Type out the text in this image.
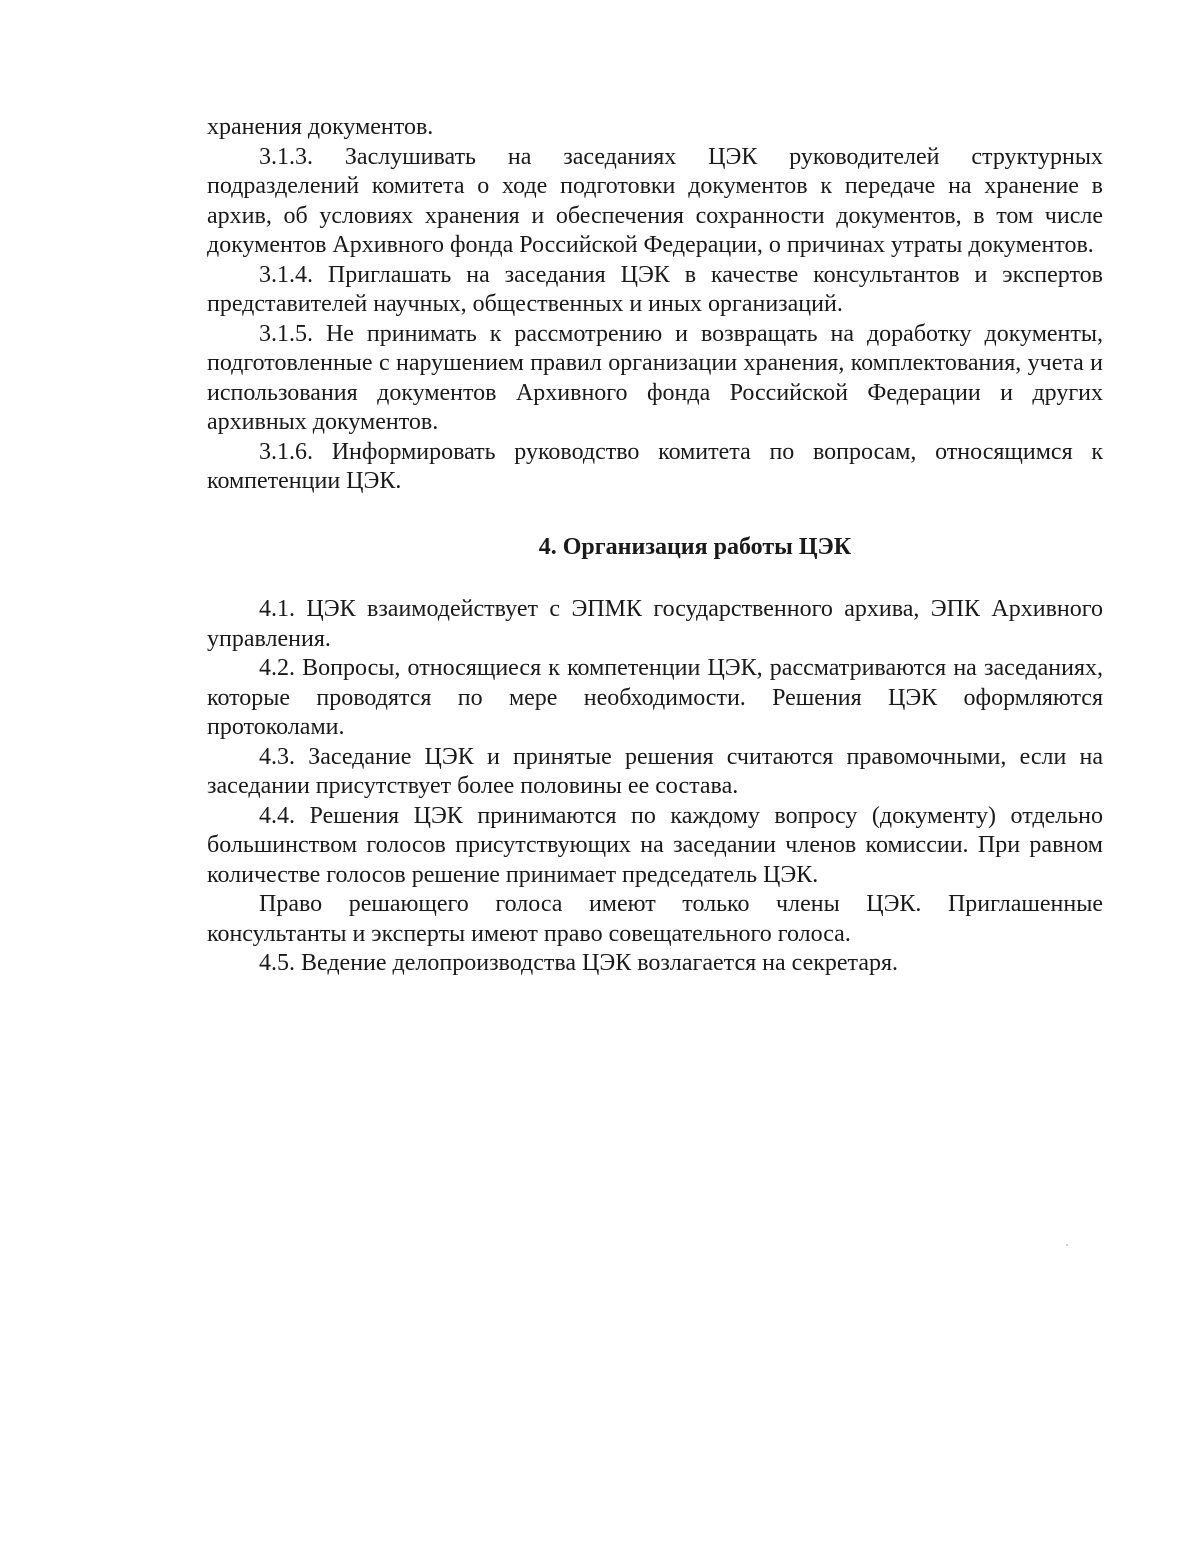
хранения документов.

3.1.3. Заслушивать на заседаниях ЦЭК руководителей структурных подразделений комитета о ходе подготовки документов к передаче на хранение в архив, об условиях хранения и обеспечения сохранности документов, в том числе документов Архивного фонда Российской Федерации, о причинах утраты документов.

3.1.4. Приглашать на заседания ЦЭК в качестве консультантов и экспертов представителей научных, общественных и иных организаций.

3.1.5. Не принимать к рассмотрению и возвращать на доработку документы, подготовленные с нарушением правил организации хранения, комплектования, учета и использования документов Архивного фонда Российской Федерации и других архивных документов.

3.1.6. Информировать руководство комитета по вопросам, относящимся к компетенции ЦЭК.

4. Организация работы ЦЭК

4.1. ЦЭК взаимодействует с ЭПМК государственного архива, ЭПК Архивного управления.

4.2. Вопросы, относящиеся к компетенции ЦЭК, рассматриваются на заседаниях, которые проводятся по мере необходимости. Решения ЦЭК оформляются протоколами.

4.3. Заседание ЦЭК и принятые решения считаются правомочными, если на заседании присутствует более половины ее состава.

4.4. Решения ЦЭК принимаются по каждому вопросу (документу) отдельно большинством голосов присутствующих на заседании членов комиссии. При равном количестве голосов решение принимает председатель ЦЭК.

Право решающего голоса имеют только члены ЦЭК. Приглашенные консультанты и эксперты имеют право совещательного голоса.

4.5. Ведение делопроизводства ЦЭК возлагается на секретаря.
